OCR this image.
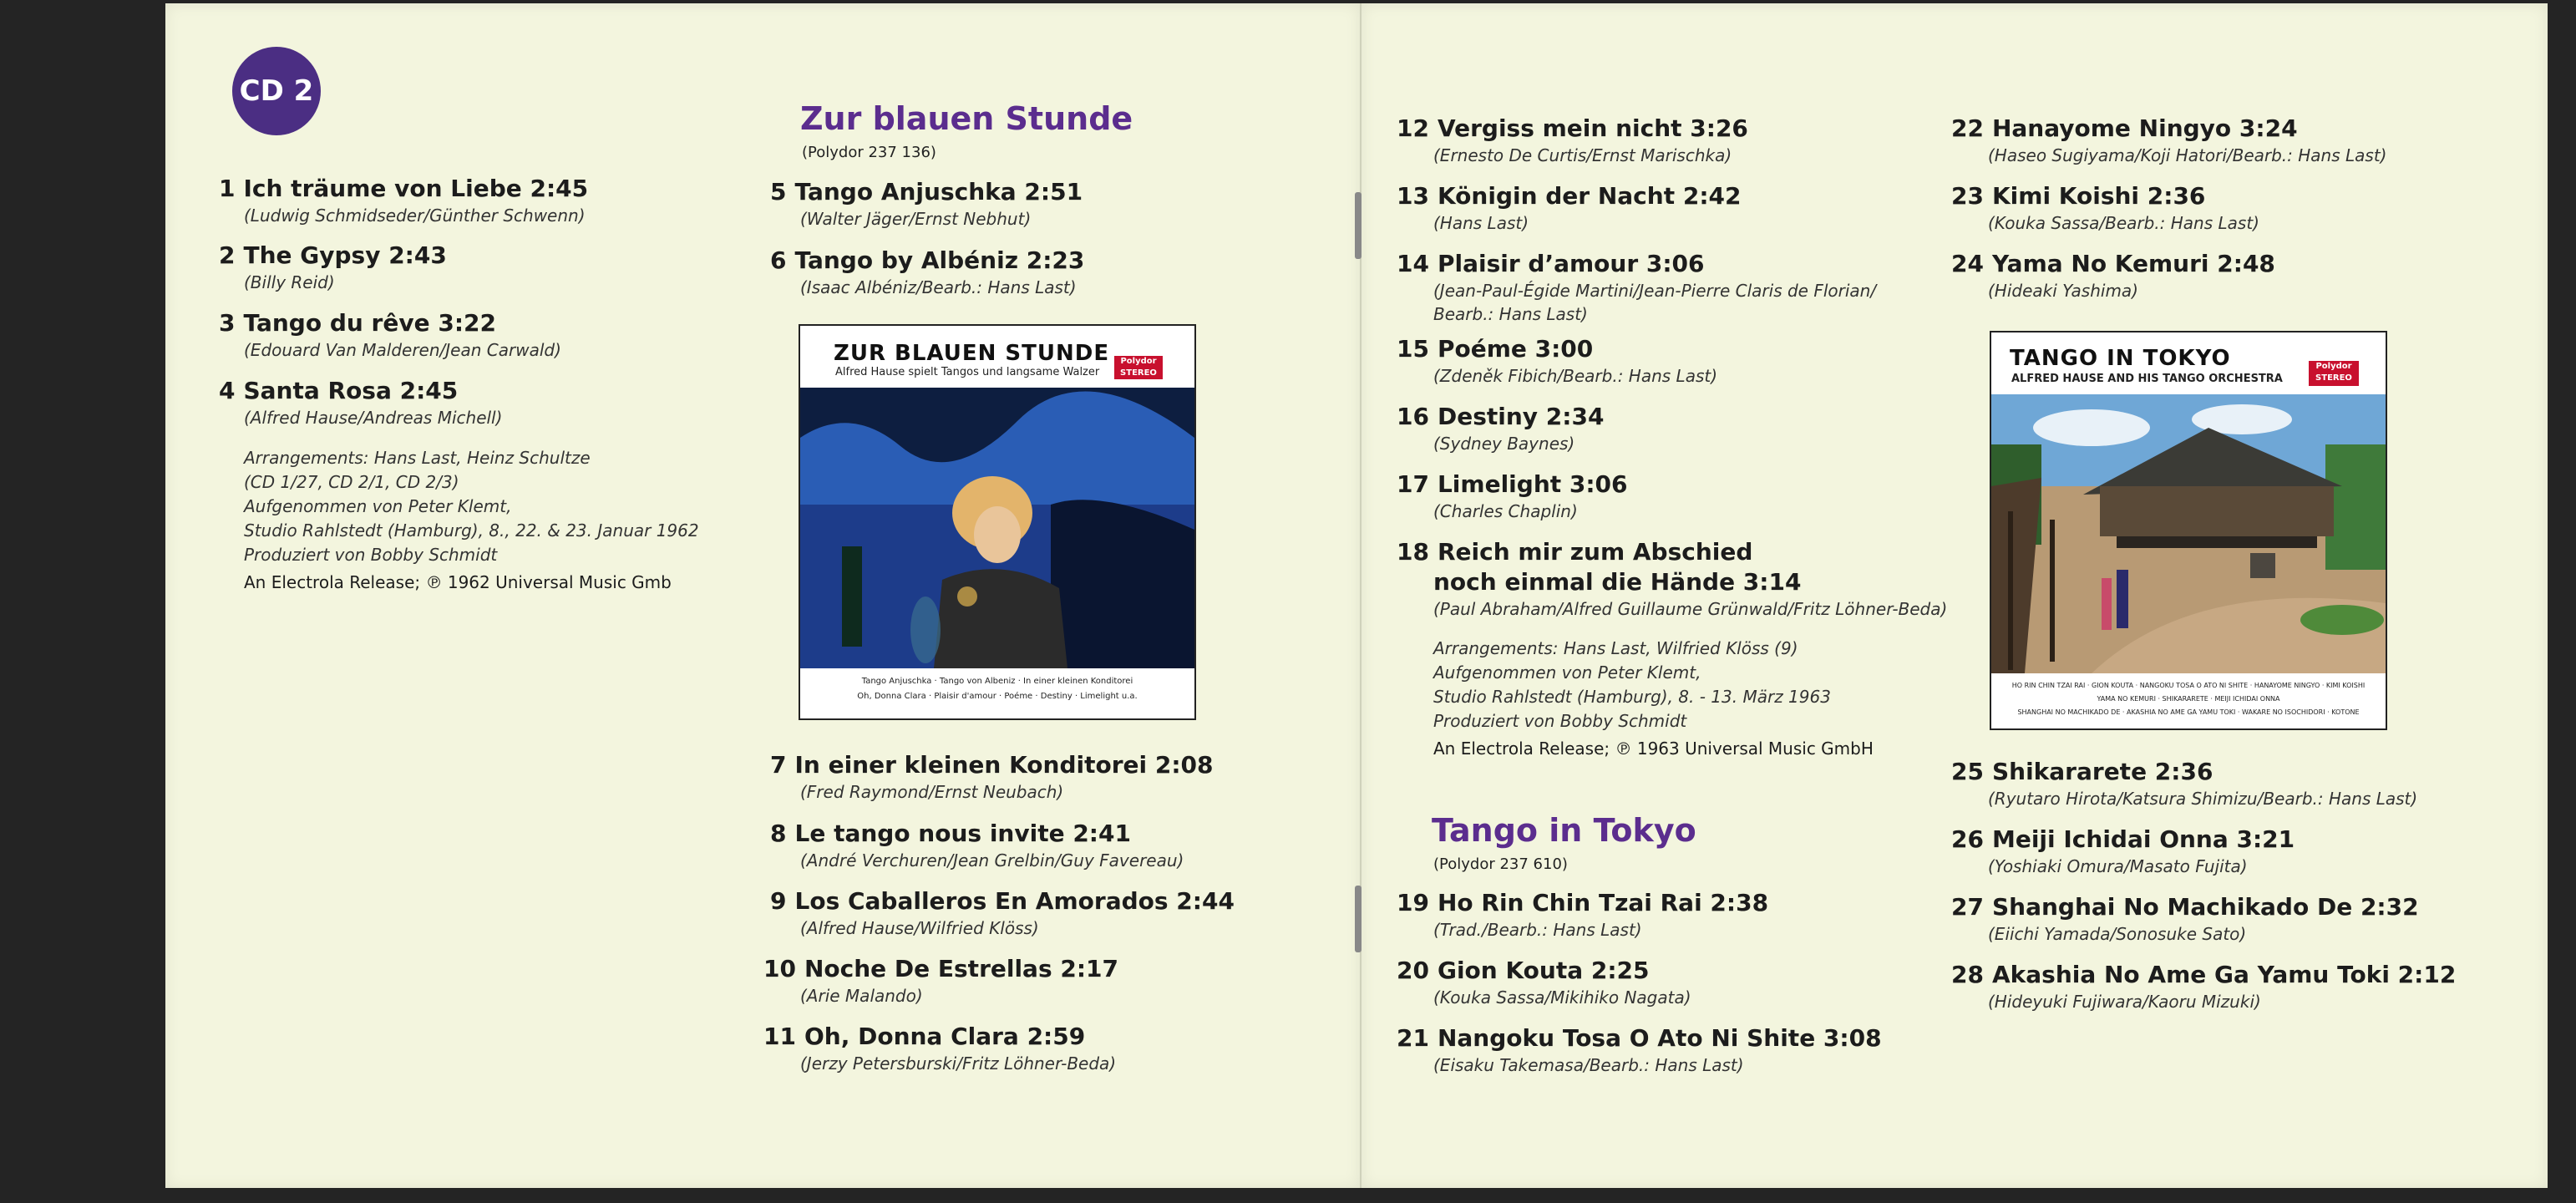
CD 2
1 Ich träume von Liebe 2:45
(Ludwig Schmidseder/Günther Schwenn)
2 The Gypsy 2:43
(Billy Reid)
3 Tango du rêve 3:22
(Edouard Van Malderen/Jean Carwald)
4 Santa Rosa 2:45
(Alfred Hause/Andreas Michell)
Arrangements: Hans Last, Heinz Schultze
(CD 1/27, CD 2/1, CD 2/3)
Aufgenommen von Peter Klemt,
Studio Rahlstedt (Hamburg), 8., 22. & 23. Januar 1962
Produziert von Bobby Schmidt
An Electrola Release; ℗ 1962 Universal Music Gmb
Zur blauen Stunde
(Polydor 237 136)
5 Tango Anjuschka 2:51
(Walter Jäger/Ernst Nebhut)
6 Tango by Albéniz 2:23
(Isaac Albéniz/Bearb.: Hans Last)
ZUR BLAUEN STUNDE
Alfred Hause spielt Tangos und langsame Walzer
Polydor STEREO
Tango Anjuschka · Tango von Albeniz · In einer kleinen Konditorei
Oh, Donna Clara · Plaisir d'amour · Poéme · Destiny · Limelight u.a.
7 In einer kleinen Konditorei 2:08
(Fred Raymond/Ernst Neubach)
8 Le tango nous invite 2:41
(André Verchuren/Jean Grelbin/Guy Favereau)
9 Los Caballeros En Amorados 2:44
(Alfred Hause/Wilfried Klöss)
10 Noche De Estrellas 2:17
(Arie Malando)
11 Oh, Donna Clara 2:59
(Jerzy Petersburski/Fritz Löhner-Beda)
12 Vergiss mein nicht 3:26
(Ernesto De Curtis/Ernst Marischka)
13 Königin der Nacht 2:42
(Hans Last)
14 Plaisir d’amour 3:06
(Jean-Paul-Égide Martini/Jean-Pierre Claris de Florian/
Bearb.: Hans Last)
15 Poéme 3:00
(Zdeněk Fibich/Bearb.: Hans Last)
16 Destiny 2:34
(Sydney Baynes)
17 Limelight 3:06
(Charles Chaplin)
18 Reich mir zum Abschied
noch einmal die Hände 3:14
(Paul Abraham/Alfred Guillaume Grünwald/Fritz Löhner-Beda)
Arrangements: Hans Last, Wilfried Klöss (9)
Aufgenommen von Peter Klemt,
Studio Rahlstedt (Hamburg), 8. - 13. März 1963
Produziert von Bobby Schmidt
An Electrola Release; ℗ 1963 Universal Music GmbH
Tango in Tokyo
(Polydor 237 610)
19 Ho Rin Chin Tzai Rai 2:38
(Trad./Bearb.: Hans Last)
20 Gion Kouta 2:25
(Kouka Sassa/Mikihiko Nagata)
21 Nangoku Tosa O Ato Ni Shite 3:08
(Eisaku Takemasa/Bearb.: Hans Last)
22 Hanayome Ningyo 3:24
(Haseo Sugiyama/Koji Hatori/Bearb.: Hans Last)
23 Kimi Koishi 2:36
(Kouka Sassa/Bearb.: Hans Last)
24 Yama No Kemuri 2:48
(Hideaki Yashima)
TANGO IN TOKYO
ALFRED HAUSE AND HIS TANGO ORCHESTRA
Polydor STEREO
HO RIN CHIN TZAI RAI · GION KOUTA · NANGOKU TOSA O ATO NI SHITE · HANAYOME NINGYO · KIMI KOISHI
YAMA NO KEMURI · SHIKARARETE · MEIJI ICHIDAI ONNA
SHANGHAI NO MACHIKADO DE · AKASHIA NO AME GA YAMU TOKI · WAKARE NO ISOCHIDORI · KOTONE
25 Shikararete 2:36
(Ryutaro Hirota/Katsura Shimizu/Bearb.: Hans Last)
26 Meiji Ichidai Onna 3:21
(Yoshiaki Omura/Masato Fujita)
27 Shanghai No Machikado De 2:32
(Eiichi Yamada/Sonosuke Sato)
28 Akashia No Ame Ga Yamu Toki 2:12
(Hideyuki Fujiwara/Kaoru Mizuki)
